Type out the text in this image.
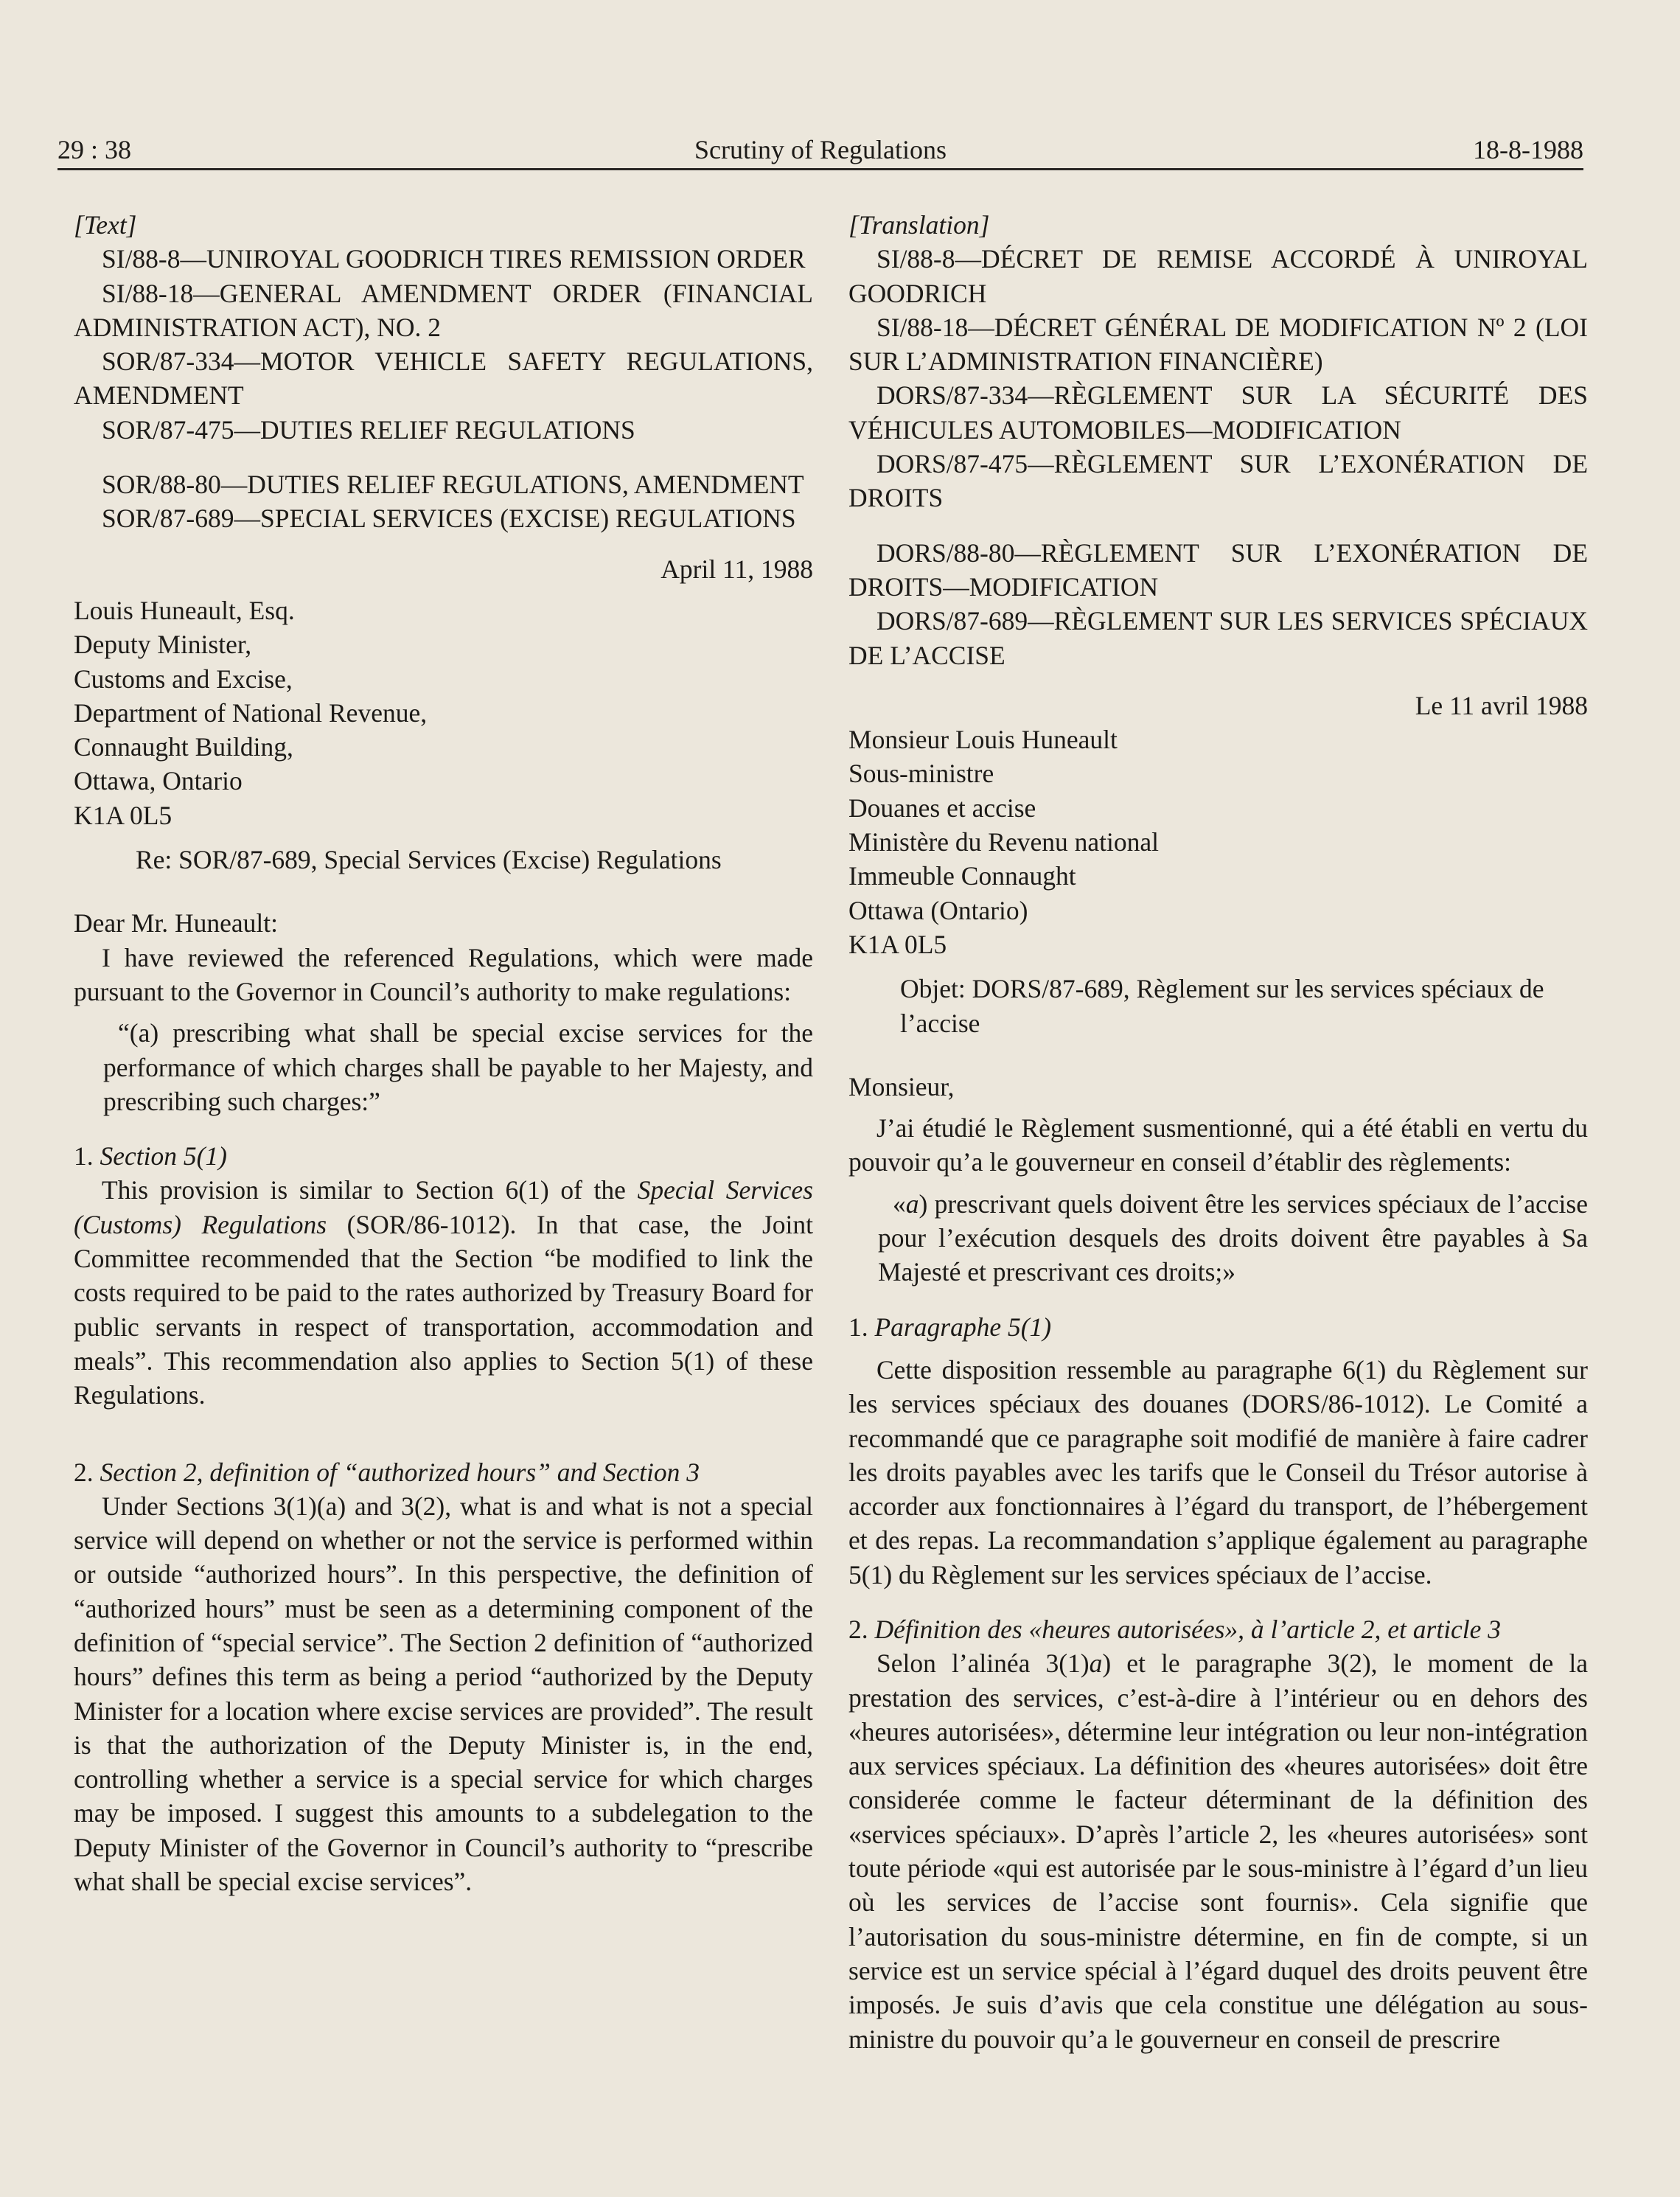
29 : 38	Scrutiny of Regulations	18-8-1988

[Text]

SI/88-8—UNIROYAL GOODRICH TIRES REMISSION ORDER

SI/88-18—GENERAL AMENDMENT ORDER (FINANCIAL ADMINISTRATION ACT), NO. 2

SOR/87-334—MOTOR VEHICLE SAFETY REGULATIONS, AMENDMENT

SOR/87-475—DUTIES RELIEF REGULATIONS

SOR/88-80—DUTIES RELIEF REGULATIONS, AMENDMENT

SOR/87-689—SPECIAL SERVICES (EXCISE) REGULATIONS

April 11, 1988

Louis Huneault, Esq.

Deputy Minister,

Customs and Excise,

Department of National Revenue,

Connaught Building,

Ottawa, Ontario

K1A 0L5

Re: SOR/87-689, Special Services (Excise) Regulations

Dear Mr. Huneault:

I have reviewed the referenced Regulations, which were made pursuant to the Governor in Council’s authority to make regulations:

“(a) prescribing what shall be special excise services for the performance of which charges shall be payable to her Majesty, and prescribing such charges:”

1. Section 5(1)

This provision is similar to Section 6(1) of the Special Services (Customs) Regulations (SOR/86-1012). In that case, the Joint Committee recommended that the Section “be modified to link the costs required to be paid to the rates authorized by Treasury Board for public servants in respect of transportation, accommodation and meals”. This recommendation also applies to Section 5(1) of these Regulations.

2. Section 2, definition of “authorized hours” and Section 3

Under Sections 3(1)(a) and 3(2), what is and what is not a special service will depend on whether or not the service is performed within or outside “authorized hours”. In this perspective, the definition of “authorized hours” must be seen as a determining component of the definition of “special service”. The Section 2 definition of “authorized hours” defines this term as being a period “authorized by the Deputy Minister for a location where excise services are provided”. The result is that the authorization of the Deputy Minister is, in the end, controlling whether a service is a special service for which charges may be imposed. I suggest this amounts to a subdelegation to the Deputy Minister of the Governor in Council’s authority to “prescribe what shall be special excise services”.

[Translation]

SI/88-8—DÉCRET DE REMISE ACCORDÉ À UNIROYAL GOODRICH

SI/88-18—DÉCRET GÉNÉRAL DE MODIFICATION Nº 2 (LOI SUR L’ADMINISTRATION FINANCIÈRE)

DORS/87-334—RÈGLEMENT SUR LA SÉCURITÉ DES VÉHICULES AUTOMOBILES—MODIFICATION

DORS/87-475—RÈGLEMENT SUR L’EXONÉRATION DE DROITS

DORS/88-80—RÈGLEMENT SUR L’EXONÉRATION DE DROITS—MODIFICATION

DORS/87-689—RÈGLEMENT SUR LES SERVICES SPÉCIAUX DE L’ACCISE

Le 11 avril 1988

Monsieur Louis Huneault

Sous-ministre

Douanes et accise

Ministère du Revenu national

Immeuble Connaught

Ottawa (Ontario)

K1A 0L5

Objet: DORS/87-689, Règlement sur les services spéciaux de l’accise

Monsieur,

J’ai étudié le Règlement susmentionné, qui a été établi en vertu du pouvoir qu’a le gouverneur en conseil d’établir des règlements:

«a) prescrivant quels doivent être les services spéciaux de l’accise pour l’exécution desquels des droits doivent être payables à Sa Majesté et prescrivant ces droits;»

1. Paragraphe 5(1)

Cette disposition ressemble au paragraphe 6(1) du Règlement sur les services spéciaux des douanes (DORS/86-1012). Le Comité a recommandé que ce paragraphe soit modifié de manière à faire cadrer les droits payables avec les tarifs que le Conseil du Trésor autorise à accorder aux fonctionnaires à l’égard du transport, de l’hébergement et des repas. La recommandation s’applique également au paragraphe 5(1) du Règlement sur les services spéciaux de l’accise.

2. Définition des «heures autorisées», à l’article 2, et article 3

Selon l’alinéa 3(1)a) et le paragraphe 3(2), le moment de la prestation des services, c’est-à-dire à l’intérieur ou en dehors des «heures autorisées», détermine leur intégration ou leur non-intégration aux services spéciaux. La définition des «heures autorisées» doit être considerée comme le facteur déterminant de la définition des «services spéciaux». D’après l’article 2, les «heures autorisées» sont toute période «qui est autorisée par le sous-ministre à l’égard d’un lieu où les services de l’accise sont fournis». Cela signifie que l’autorisation du sous-ministre détermine, en fin de compte, si un service est un service spécial à l’égard duquel des droits peuvent être imposés. Je suis d’avis que cela constitue une délégation au sous-ministre du pouvoir qu’a le gouverneur en conseil de prescrire
